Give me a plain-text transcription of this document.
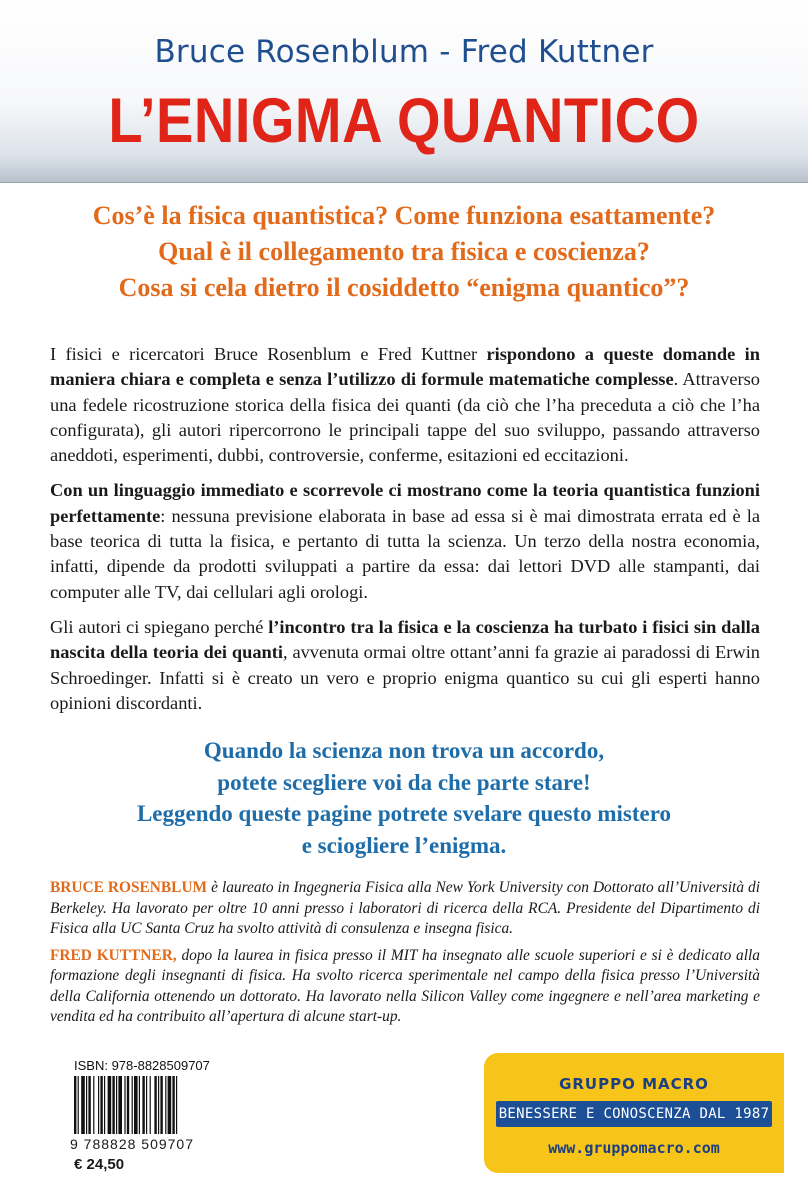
Bruce Rosenblum - Fred Kuttner
L’ENIGMA QUANTICO
Cos’è la fisica quantistica? Come funziona esattamente?
Qual è il collegamento tra fisica e coscienza?
Cosa si cela dietro il cosiddetto “enigma quantico”?

I fisici e ricercatori Bruce Rosenblum e Fred Kuttner rispondono a queste domande in maniera chiara e completa e senza l’utilizzo di formule matematiche complesse. Attraverso una fedele ricostruzione storica della fisica dei quanti (da ciò che l’ha preceduta a ciò che l’ha configurata), gli autori ripercorrono le principali tappe del suo sviluppo, passando attraverso aneddoti, esperimenti, dubbi, controversie, conferme, esitazioni ed eccitazioni.

Con un linguaggio immediato e scorrevole ci mostrano come la teoria quantistica funzioni perfettamente: nessuna previsione elaborata in base ad essa si è mai dimostrata errata ed è la base teorica di tutta la fisica, e pertanto di tutta la scienza. Un terzo della nostra economia, infatti, dipende da prodotti sviluppati a partire da essa: dai lettori DVD alle stampanti, dai computer alle TV, dai cellulari agli orologi.

Gli autori ci spiegano perché l’incontro tra la fisica e la coscienza ha turbato i fisici sin dalla nascita della teoria dei quanti, avvenuta ormai oltre ottant’anni fa grazie ai paradossi di Erwin Schroedinger. Infatti si è creato un vero e proprio enigma quantico su cui gli esperti hanno opinioni discordanti.

Quando la scienza non trova un accordo,
potete scegliere voi da che parte stare!
Leggendo queste pagine potrete svelare questo mistero
e sciogliere l’enigma.

BRUCE ROSENBLUM è laureato in Ingegneria Fisica alla New York University con Dottorato all’Università di Berkeley. Ha lavorato per oltre 10 anni presso i laboratori di ricerca della RCA. Presidente del Dipartimento di Fisica alla UC Santa Cruz ha svolto attività di consulenza e insegna fisica.

FRED KUTTNER, dopo la laurea in fisica presso il MIT ha insegnato alle scuole superiori e si è dedicato alla formazione degli insegnanti di fisica. Ha svolto ricerca sperimentale nel campo della fisica presso l’Università della California ottenendo un dottorato. Ha lavorato nella Silicon Valley come ingegnere e nell’area marketing e vendita ed ha contribuito all’apertura di alcune start-up.

ISBN: 978-8828509707
9 788828 509707
€ 24,50
GRUPPO MACRO
BENESSERE E CONOSCENZA DAL 1987
www.gruppomacro.com
